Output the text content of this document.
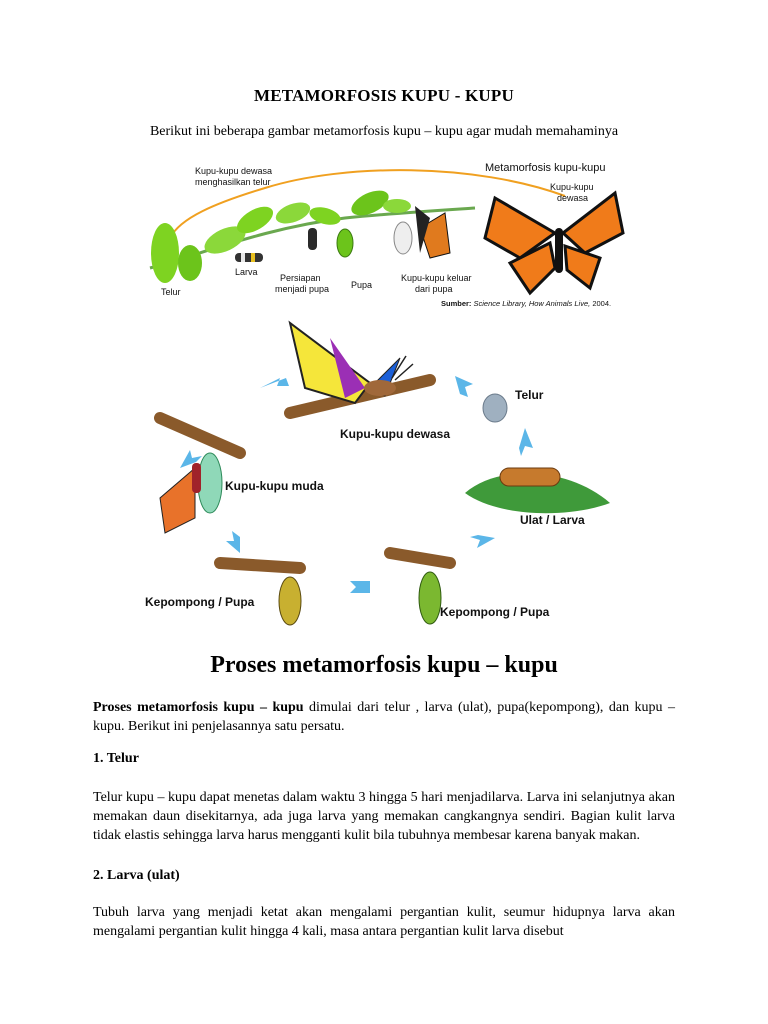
METAMORFOSIS KUPU - KUPU
Berikut ini beberapa gambar metamorfosis kupu – kupu agar mudah memahaminya
Kupu-kupu dewasa
menghasilkan telur
Metamorfosis kupu-kupu
Kupu-kupu
dewasa
Telur
Larva
Persiapan
menjadi pupa Pupa
Kupu-kupu keluar
dari pupa
Sumber: Science Library, How Animals Live, 2004.
Kupu-kupu dewasa
Telur
Ulat / Larva
Kepompong / Pupa
Kepompong / Pupa
Kupu-kupu muda
Proses metamorfosis kupu – kupu
Proses metamorfosis kupu – kupu dimulai dari telur , larva (ulat), pupa(kepompong), dan kupu – kupu. Berikut ini penjelasannya satu persatu.
1. Telur
Telur kupu – kupu dapat menetas dalam waktu 3 hingga 5 hari menjadilarva. Larva ini selanjutnya akan memakan daun disekitarnya, ada juga larva yang memakan cangkangnya sendiri. Bagian kulit larva tidak elastis sehingga larva harus mengganti kulit bila tubuhnya membesar karena banyak makan.
2. Larva (ulat)
Tubuh larva yang menjadi ketat akan mengalami pergantian kulit, seumur hidupnya larva akan mengalami pergantian kulit hingga 4 kali, masa antara pergantian kulit larva disebut
